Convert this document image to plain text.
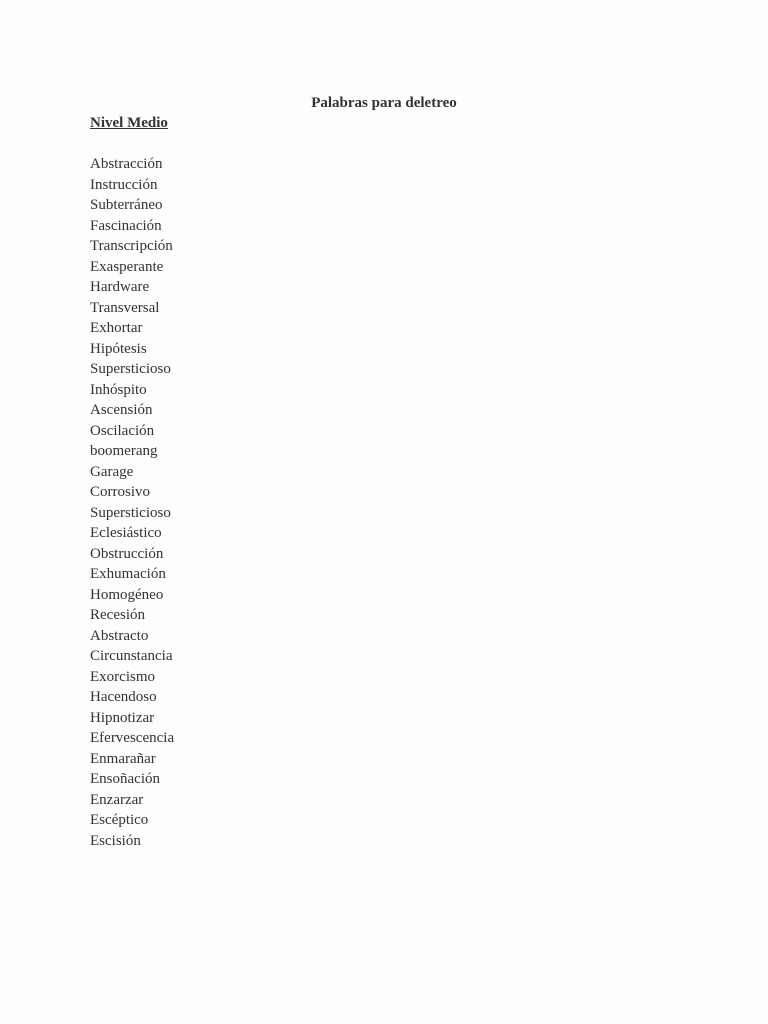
Palabras para deletreo
Nivel Medio
Abstracción
Instrucción
Subterráneo
Fascinación
Transcripción
Exasperante
Hardware
Transversal
Exhortar
Hipótesis
Supersticioso
Inhóspito
Ascensión
Oscilación
boomerang
Garage
Corrosivo
Supersticioso
Eclesiástico
Obstrucción
Exhumación
Homogéneo
Recesión
Abstracto
Circunstancia
Exorcismo
Hacendoso
Hipnotizar
Efervescencia
Enmarañar
Ensoñación
Enzarzar
Escéptico
Escisión
